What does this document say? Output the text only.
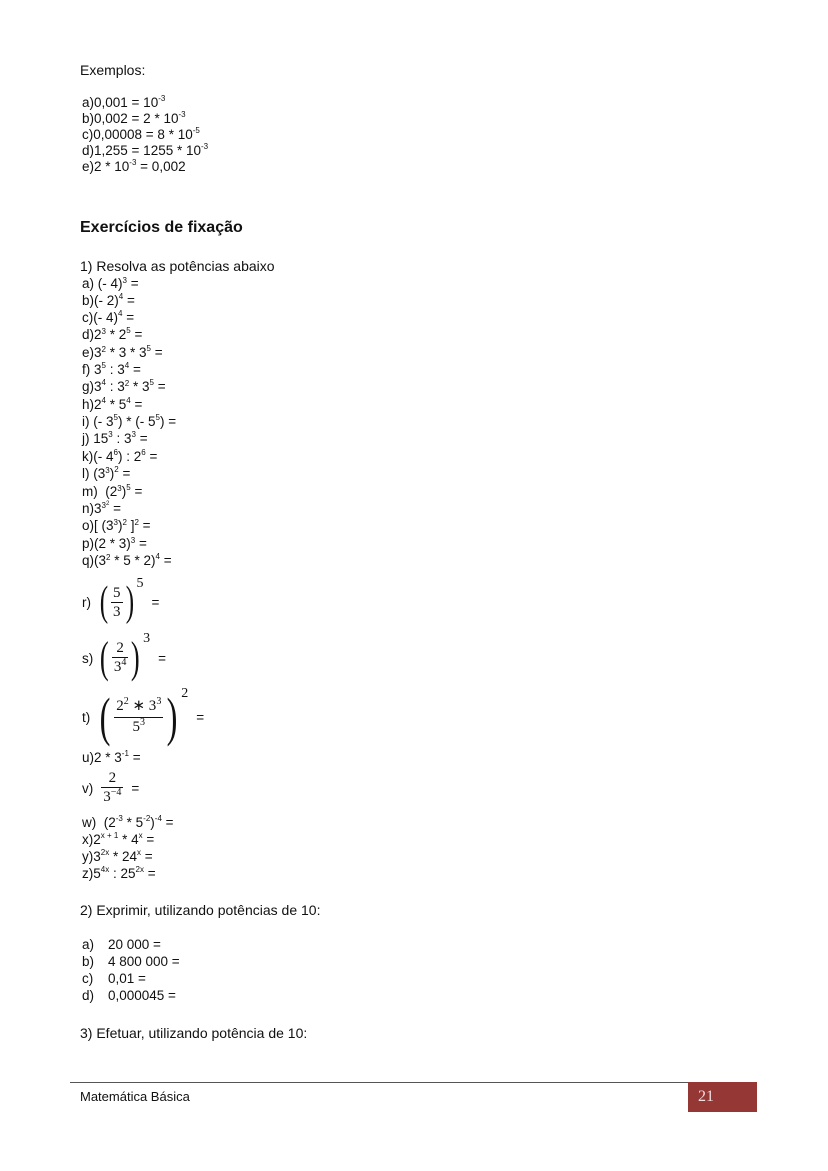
Exemplos:
$a)0,001 = 10^{-3}$
$b)0,002 = 2 * 10^{-3}$
$c)0,00008 = 8 * 10^{-5}$
$d)1,255 = 1255 * 10^{-3}$
$e)2 * 10^{-3} = 0,002$
Exercícios de fixação
1) Resolva as potências abaixo
a) (- 4)$^3$ =
b)(- 2)$^4$ =
c)(- 4)$^4$ =
$d)2^3 * 2^5$ =
$e)3^2 * 3 * 3^5$ =
f) $3^5$ : $3^4$ =
$g)3^4$ : $3^2 * 3^5$ =
$h)2^4 * 5^4$ =
i) (- $3^5$) * (- $5^5$) =
j) $15^3$ : $3^3$ =
k)(- $4^6$) : $2^6$ =
l) $(3^3)^2$ =
m)  $(2^3)^5$ =
$n)3^{3^2}$ =
o)[ $(3^3)^2$ ]$^2$ =
p)(2 * 3)$^3$ =
$q)(3^2 * 5 * 2)^4$ =
r) ( $\frac{5}{3}$ ) 5
=
s) ( $\frac{2}{3^4}$ ) 3
=
t) ( $\frac{2^2 ∗ 3^3}{5^3}$ ) 2
=
$u)2 * 3^{-1}$ =
$v) \frac{2}{3^{-4}}$ =
w)  $(2^{-3} * 5^{-2})^{-4}$ =
$x)2^{x + 1} * 4^x$ =
$y)3^{2x} * 24^x$ =
$z)5^{4x}$ : $25^{2x}$ =
2) Exprimir, utilizando potências de 10:
a) 20 000 =
b) 4 800 000 =
c) 0,01 =
d) 0,000045 =
3) Efetuar, utilizando potência de 10:
Matemática Básica	21
